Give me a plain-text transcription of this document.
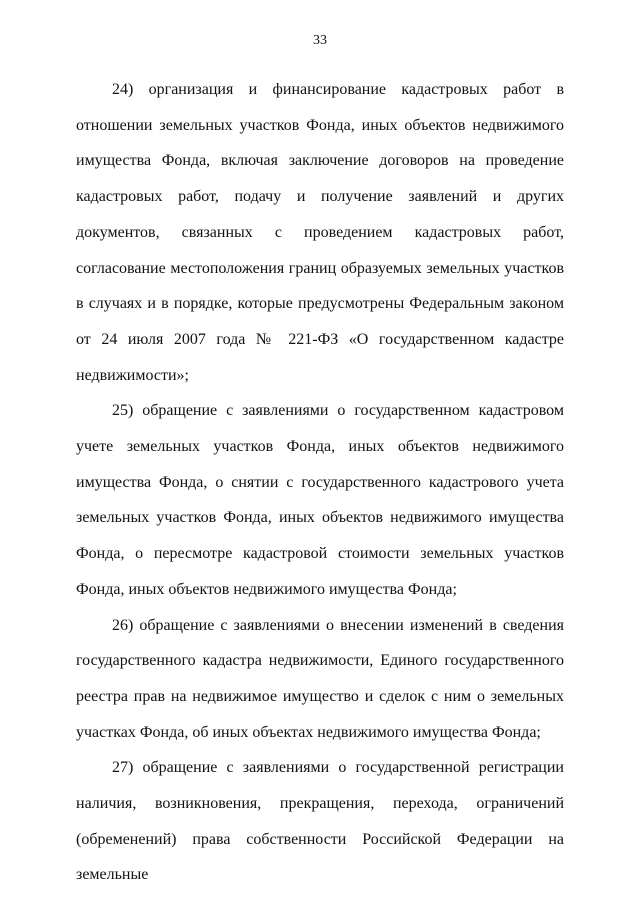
33

24) организация и финансирование кадастровых работ в отношении земельных участков Фонда, иных объектов недвижимого имущества Фонда, включая заключение договоров на проведение кадастровых работ, подачу и получение заявлений и других документов, связанных с проведением кадастровых работ, согласование местоположения границ образуемых земельных участков в случаях и в порядке, которые предусмотрены Федеральным законом от 24 июля 2007 года № 221-ФЗ «О государственном кадастре недвижимости»;

25) обращение с заявлениями о государственном кадастровом учете земельных участков Фонда, иных объектов недвижимого имущества Фонда, о снятии с государственного кадастрового учета земельных участков Фонда, иных объектов недвижимого имущества Фонда, о пересмотре кадастровой стоимости земельных участков Фонда, иных объектов недвижимого имущества Фонда;

26) обращение с заявлениями о внесении изменений в сведения государственного кадастра недвижимости, Единого государственного реестра прав на недвижимое имущество и сделок с ним о земельных участках Фонда, об иных объектах недвижимого имущества Фонда;

27) обращение с заявлениями о государственной регистрации наличия, возникновения, прекращения, перехода, ограничений (обременений) права собственности Российской Федерации на земельные
